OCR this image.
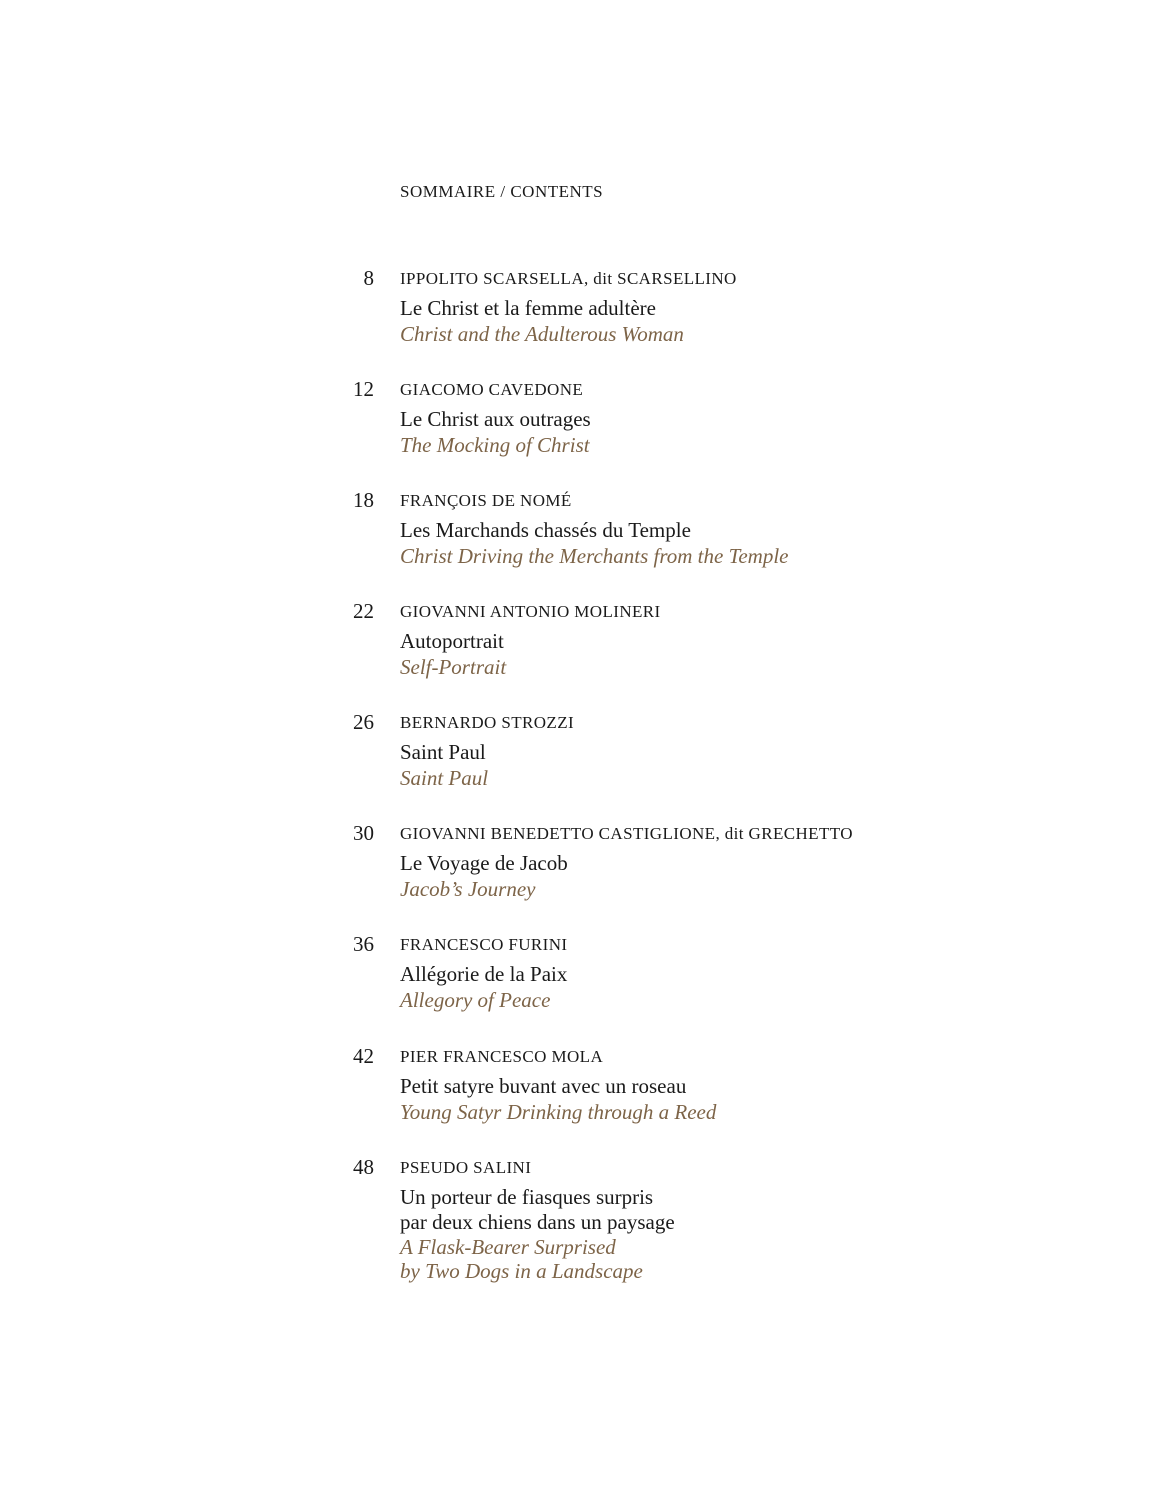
SOMMAIRE / CONTENTS
8 IPPOLITO SCARSELLA, dit SCARSELLINO
Le Christ et la femme adultère
Christ and the Adulterous Woman
12 GIACOMO CAVEDONE
Le Christ aux outrages
The Mocking of Christ
18 FRANÇOIS DE NOMÉ
Les Marchands chassés du Temple
Christ Driving the Merchants from the Temple
22 GIOVANNI ANTONIO MOLINERI
Autoportrait
Self-Portrait
26 BERNARDO STROZZI
Saint Paul
Saint Paul
30 GIOVANNI BENEDETTO CASTIGLIONE, dit GRECHETTO
Le Voyage de Jacob
Jacob’s Journey
36 FRANCESCO FURINI
Allégorie de la Paix
Allegory of Peace
42 PIER FRANCESCO MOLA
Petit satyre buvant avec un roseau
Young Satyr Drinking through a Reed
48 PSEUDO SALINI
Un porteur de fiasques surpris
par deux chiens dans un paysage
A Flask-Bearer Surprised
by Two Dogs in a Landscape
